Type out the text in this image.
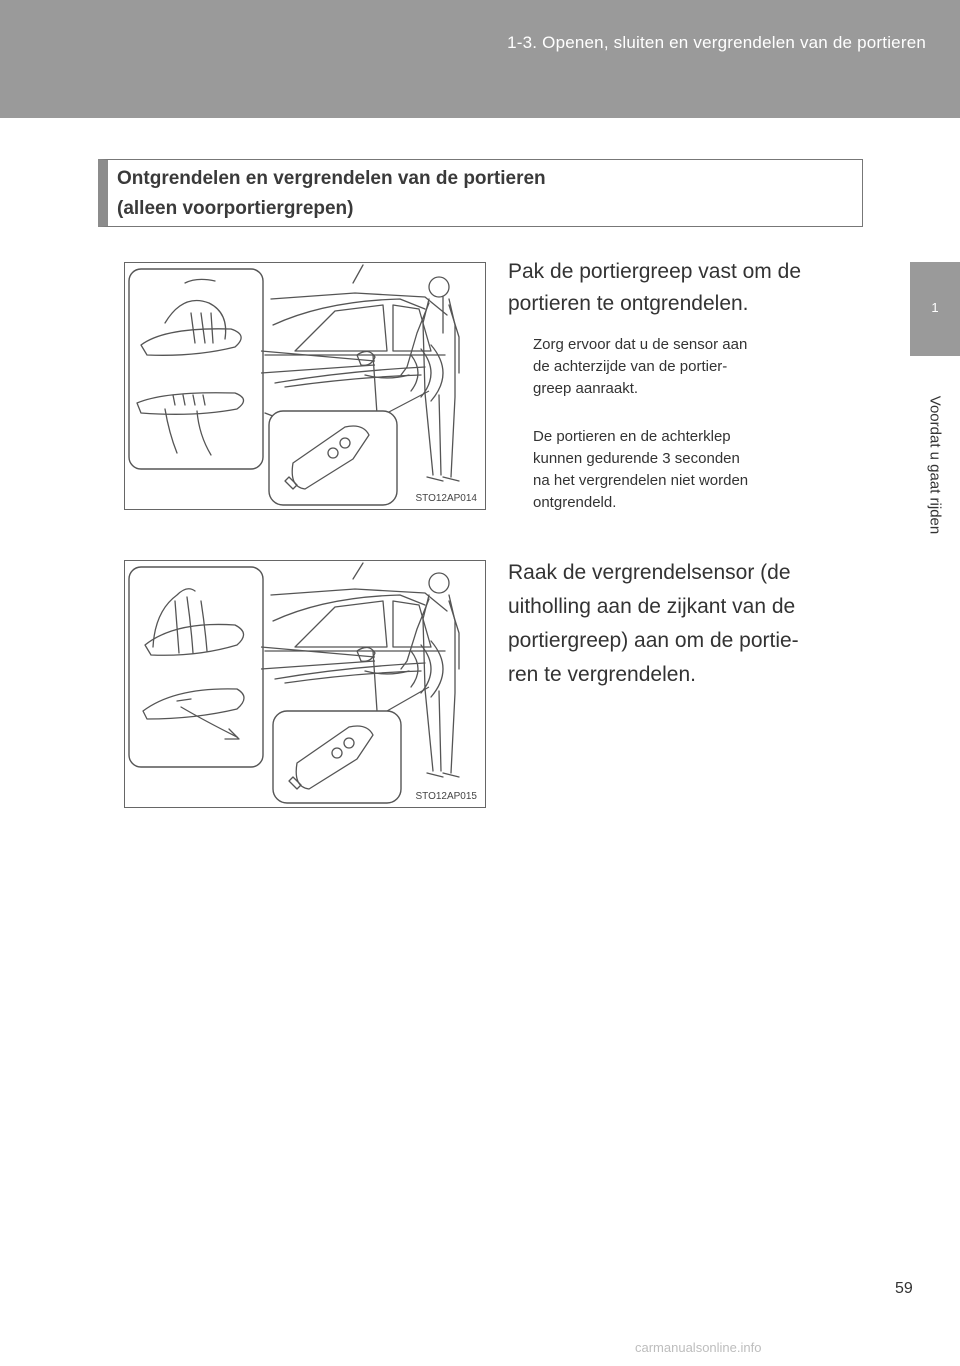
1-3. Openen, sluiten en vergrendelen van de portieren
1
Voordat u gaat rijden
Ontgrendelen en vergrendelen van de portieren
(alleen voorportiergrepen)
STO12AP014
STO12AP015
Pak de portiergreep vast om de
portieren te ontgrendelen.
Zorg ervoor dat u de sensor aan
de achterzijde van de portier-
greep aanraakt.
De portieren en de achterklep
kunnen gedurende 3 seconden
na het vergrendelen niet worden
ontgrendeld.
Raak de vergrendelsensor (de
uitholling aan de zijkant van de
portiergreep) aan om de portie-
ren te vergrendelen.
59
carmanualsonline.info
